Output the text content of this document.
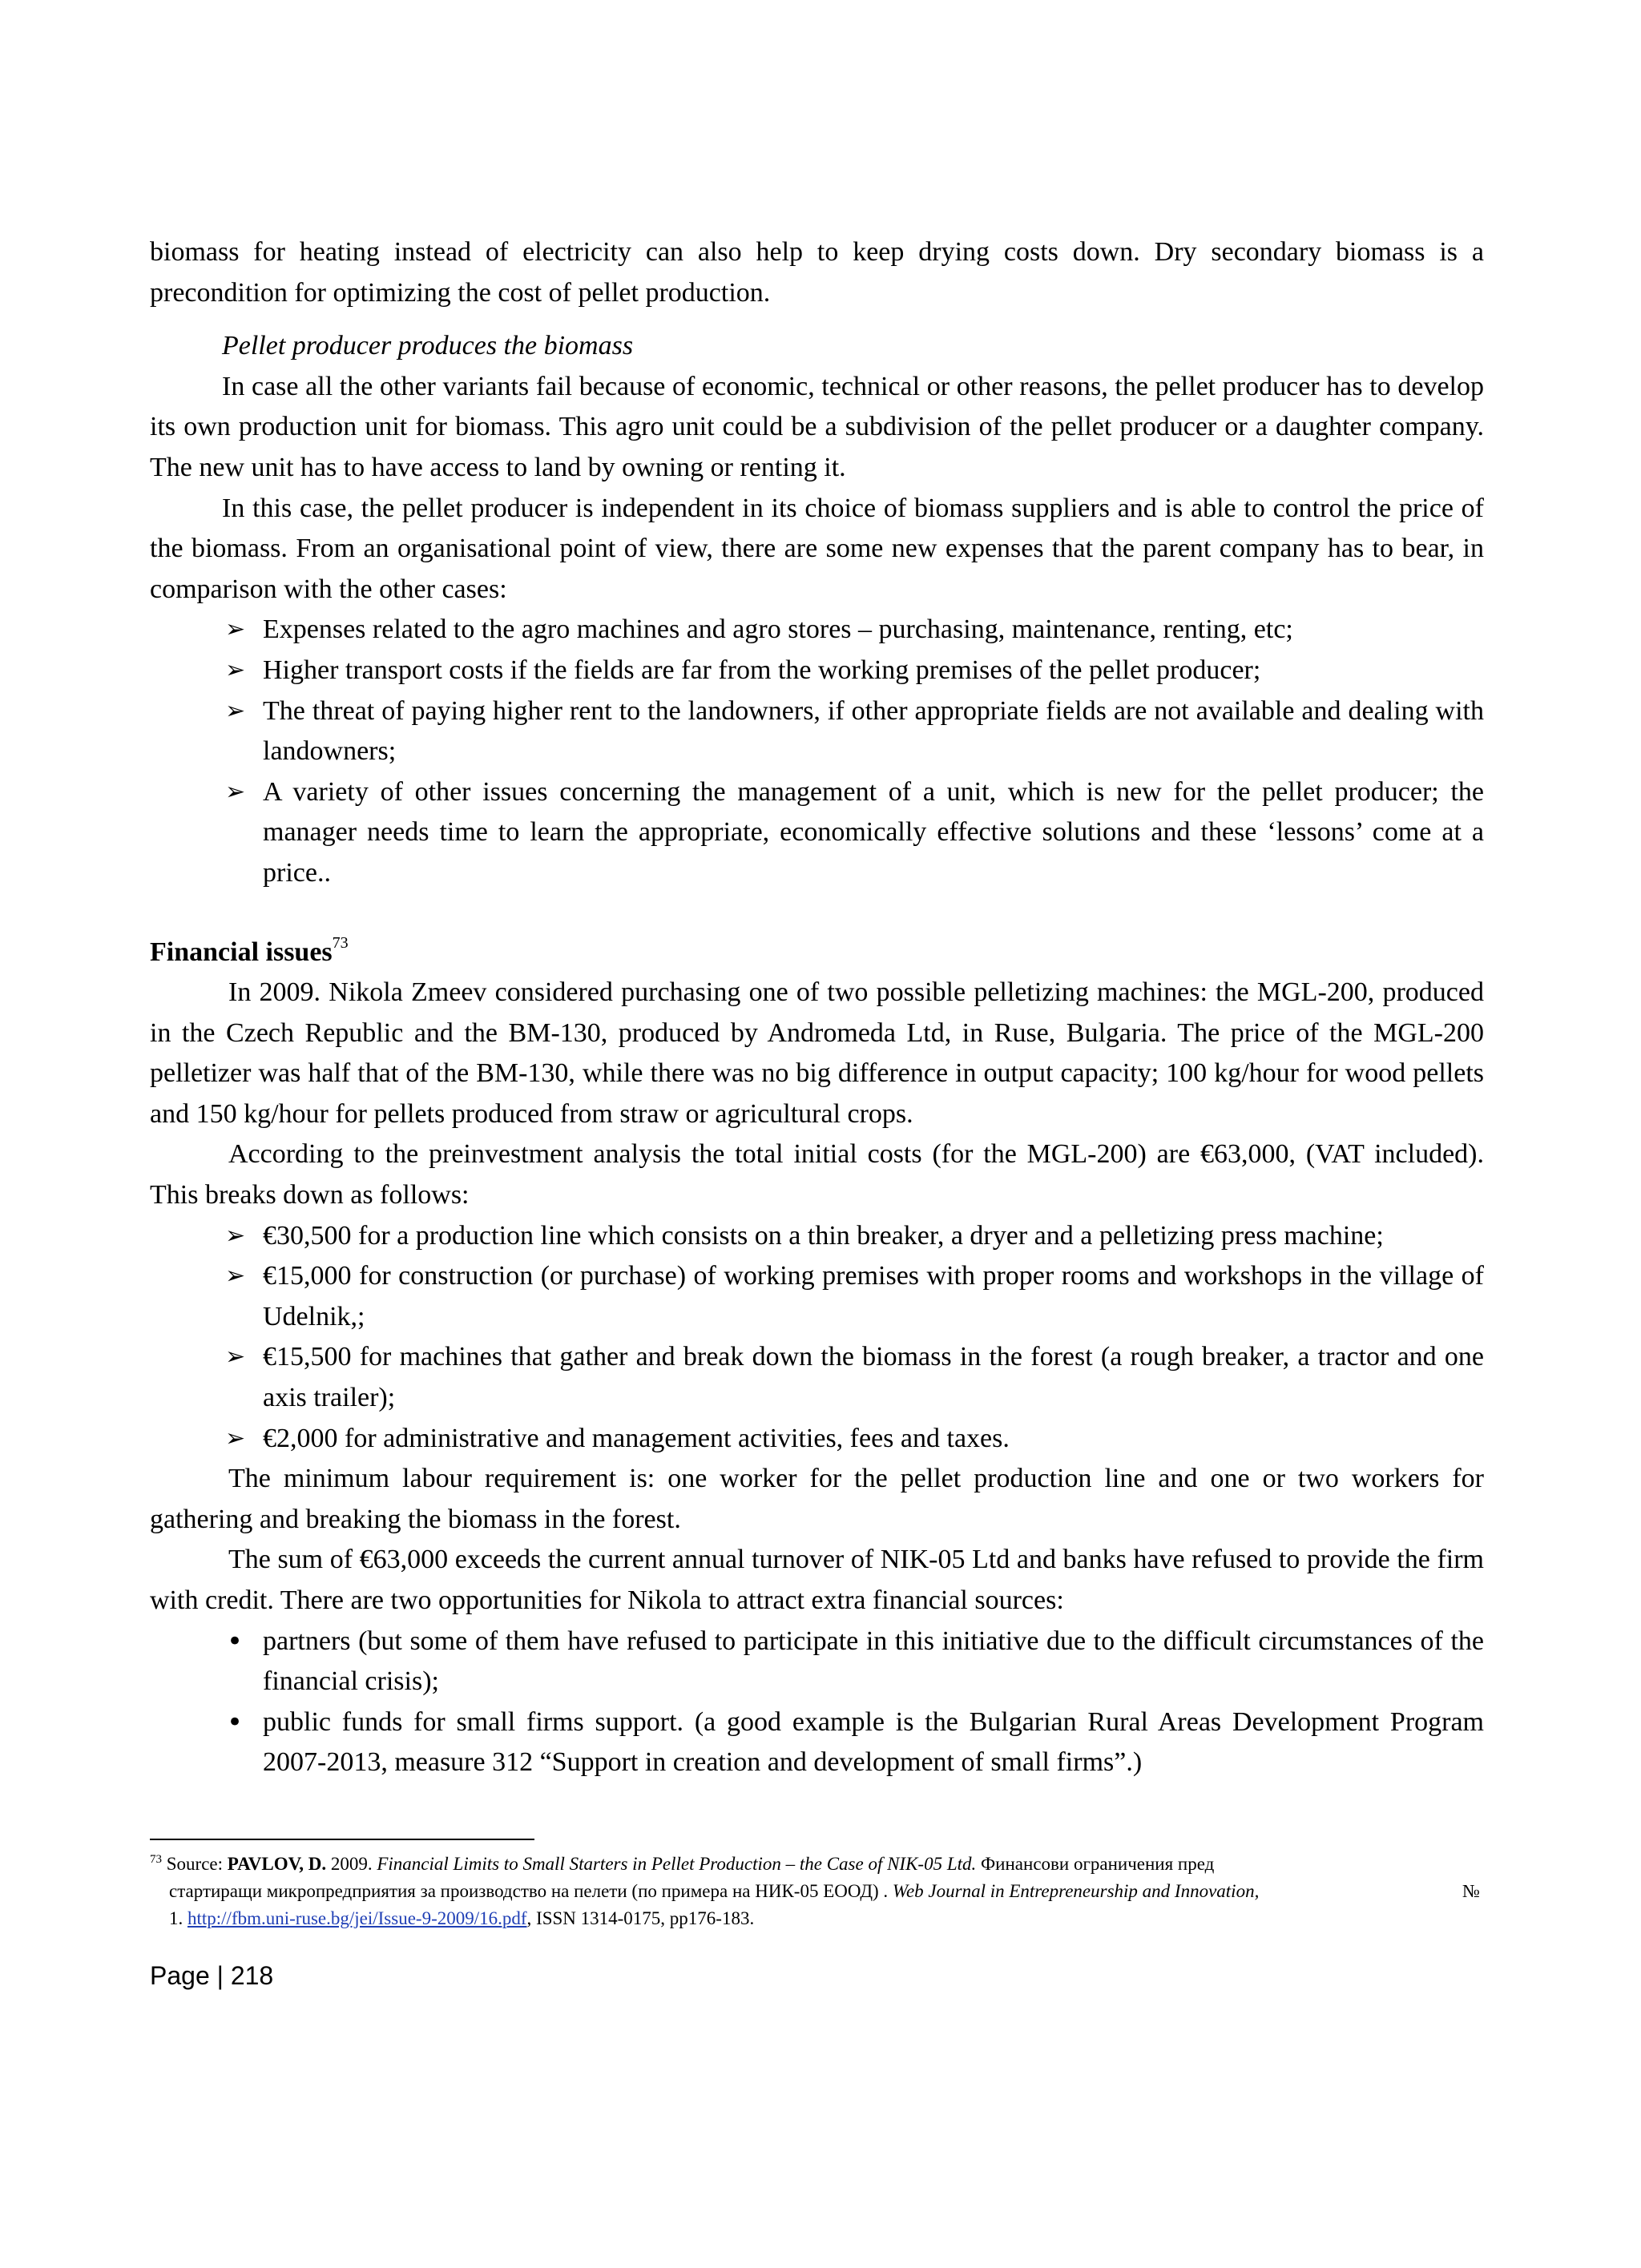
biomass for heating instead of electricity can also help to keep drying costs down. Dry secondary biomass is a precondition for optimizing the cost of pellet production.

Pellet producer produces the biomass

In case all the other variants fail because of economic, technical or other reasons, the pellet producer has to develop its own production unit for biomass. This agro unit could be a subdivision of the pellet producer or a daughter company. The new unit has to have access to land by owning or renting it.

In this case, the pellet producer is independent in its choice of biomass suppliers and is able to control the price of the biomass. From an organisational point of view, there are some new expenses that the parent company has to bear, in comparison with the other cases:

➢ Expenses related to the agro machines and agro stores – purchasing, maintenance, renting, etc;
➢ Higher transport costs if the fields are far from the working premises of the pellet producer;
➢ The threat of paying higher rent to the landowners, if other appropriate fields are not available and dealing with landowners;
➢ A variety of other issues concerning the management of a unit, which is new for the pellet producer; the manager needs time to learn the appropriate, economically effective solutions and these ‘lessons’ come at a price..

Financial issues$^{73}$

In 2009. Nikola Zmeev considered purchasing one of two possible pelletizing machines: the MGL-200, produced in the Czech Republic and the BM-130, produced by Andromeda Ltd, in Ruse, Bulgaria. The price of the MGL-200 pelletizer was half that of the BM-130, while there was no big difference in output capacity; 100 kg/hour for wood pellets and 150 kg/hour for pellets produced from straw or agricultural crops.

According to the preinvestment analysis the total initial costs (for the MGL-200) are €63,000, (VAT included). This breaks down as follows:

➢ €30,500 for a production line which consists on a thin breaker, a dryer and a pelletizing press machine;
➢ €15,000 for construction (or purchase) of working premises with proper rooms and workshops in the village of Udelnik,;
➢ €15,500 for machines that gather and break down the biomass in the forest (a rough breaker, a tractor and one axis trailer);
➢ €2,000 for administrative and management activities, fees and taxes.

The minimum labour requirement is: one worker for the pellet production line and one or two workers for gathering and breaking the biomass in the forest.

The sum of €63,000 exceeds the current annual turnover of NIK-05 Ltd and banks have refused to provide the firm with credit. There are two opportunities for Nikola to attract extra financial sources:

• partners (but some of them have refused to participate in this initiative due to the difficult circumstances of the financial crisis);
• public funds for small firms support. (a good example is the Bulgarian Rural Areas Development Program 2007-2013, measure 312 “Support in creation and development of small firms”.)
$^{73}$ Source: PAVLOV, D. 2009. Financial Limits to Small Starters in Pellet Production – the Case of NIK-05 Ltd. Финансови ограничения пред
стартиращи микропредприятия за производство на пелети (по примера на НИК-05 ЕООД) . Web Journal in Entrepreneurship and Innovation,	№
1. http://fbm.uni-ruse.bg/jei/Issue-9-2009/16.pdf, ISSN 1314-0175, pp176-183.
Page | 218
